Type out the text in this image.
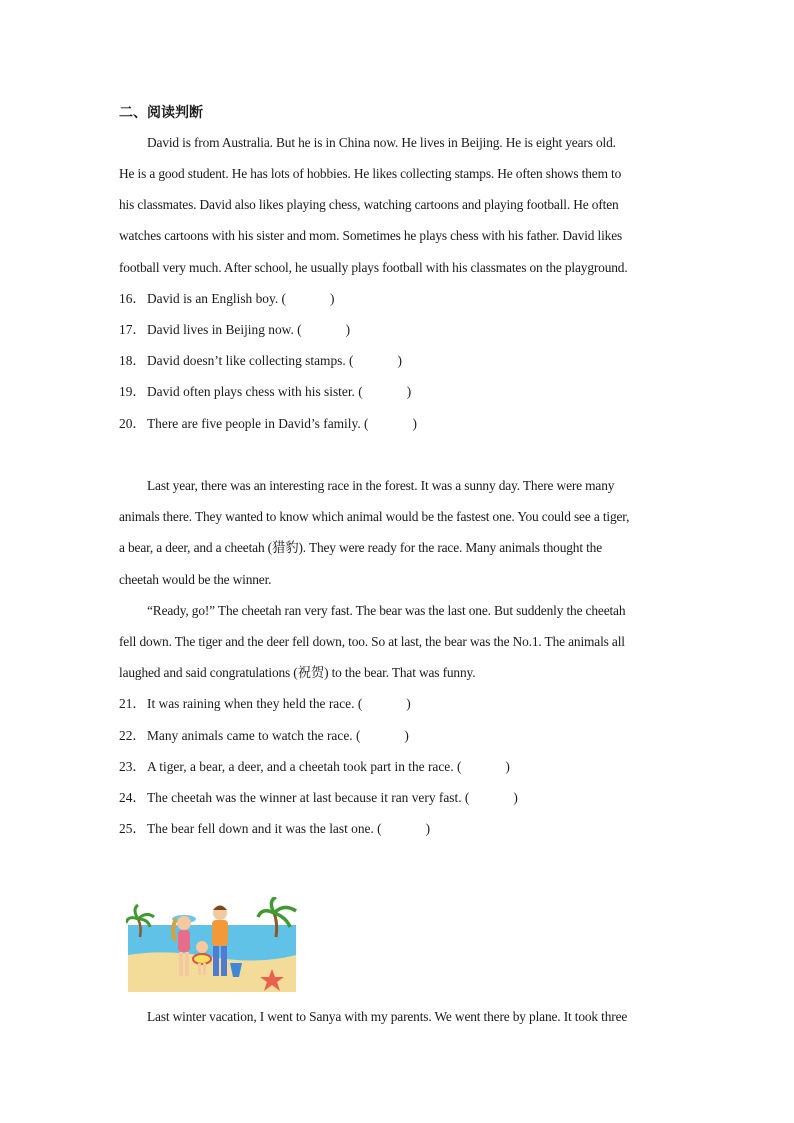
二、阅读判断
David is from Australia. But he is in China now. He lives in Beijing. He is eight years old.
He is a good student. He has lots of hobbies. He likes collecting stamps. He often shows them to
his classmates. David also likes playing chess, watching cartoons and playing football. He often
watches cartoons with his sister and mom. Sometimes he plays chess with his father. David likes
football very much. After school, he usually plays football with his classmates on the playground.
16．David is an English boy. (	)
17．David lives in Beijing now. (	)
18．David doesn’t like collecting stamps. (	)
19．David often plays chess with his sister. (	)
20．There are five people in David’s family. (	)
Last year, there was an interesting race in the forest. It was a sunny day. There were many
animals there. They wanted to know which animal would be the fastest one. You could see a tiger,
a bear, a deer, and a cheetah (猎豹). They were ready for the race. Many animals thought the
cheetah would be the winner.
“Ready, go!” The cheetah ran very fast. The bear was the last one. But suddenly the cheetah
fell down. The tiger and the deer fell down, too. So at last, the bear was the No.1. The animals all
laughed and said congratulations (祝贺) to the bear. That was funny.
21．It was raining when they held the race. (	)
22．Many animals came to watch the race. (	)
23．A tiger, a bear, a deer, and a cheetah took part in the race. (	)
24．The cheetah was the winner at last because it ran very fast. (	)
25．The bear fell down and it was the last one. (	)
Last winter vacation, I went to Sanya with my parents. We went there by plane. It took three
